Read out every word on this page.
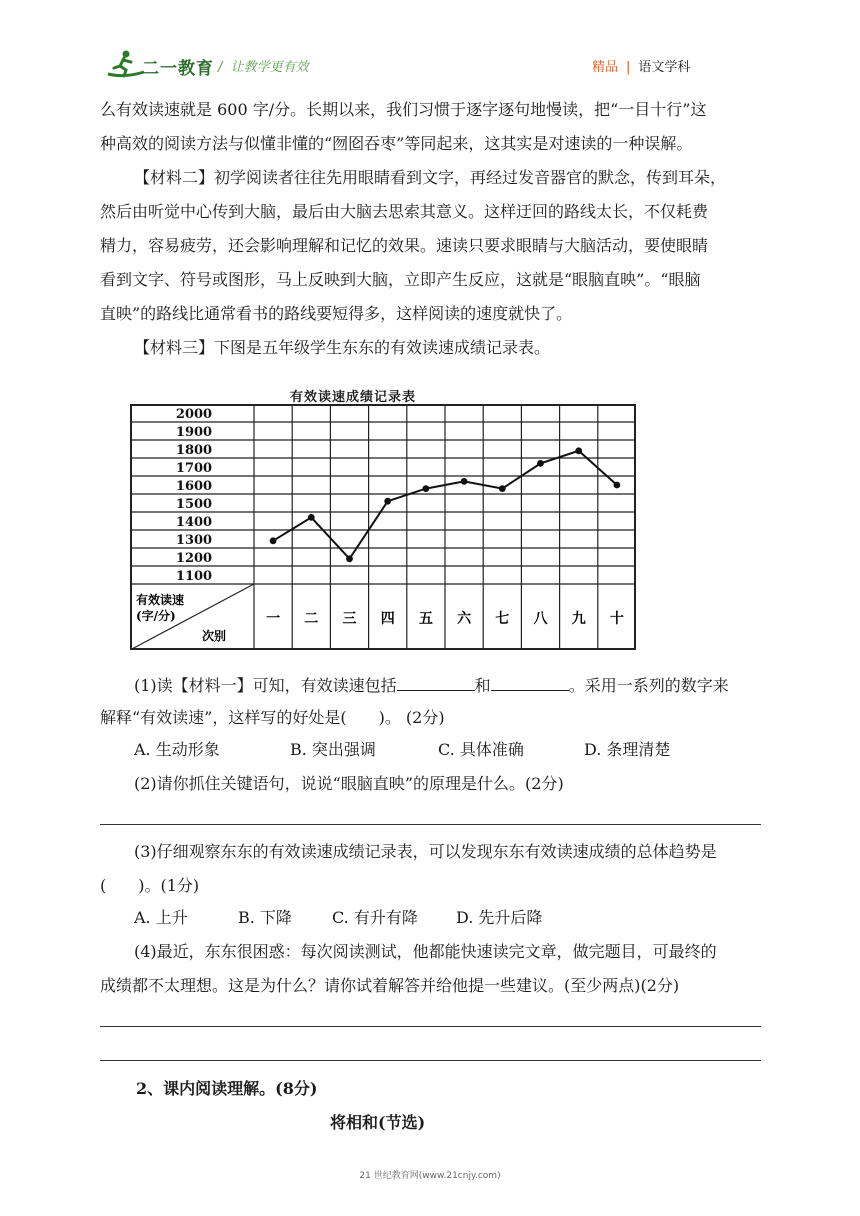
二一教育 /  让教学更有效	精品 | 语文学科
么有效读速就是 600 字/分。长期以来，我们习惯于逐字逐句地慢读，把“一目十行”这
种高效的阅读方法与似懂非懂的“囫囵吞枣”等同起来，这其实是对速读的一种误解。
【材料二】初学阅读者往往先用眼睛看到文字，再经过发音器官的默念，传到耳朵，
然后由听觉中心传到大脑，最后由大脑去思索其意义。这样迂回的路线太长，不仅耗费
精力，容易疲劳，还会影响理解和记忆的效果。速读只要求眼睛与大脑活动，要使眼睛
看到文字、符号或图形，马上反映到大脑，立即产生反应，这就是“眼脑直映”。“眼脑
直映”的路线比通常看书的路线要短得多，这样阅读的速度就快了。
【材料三】下图是五年级学生东东的有效读速成绩记录表。
有效读速成绩记录表
2000
1900
1800
1700
1600
1500
1400
1300
1200
1100
有效读速
(字/分)
次别
一 二 三 四 五 六 七 八 九 十
(1)读【材料一】可知，有效读速包括	和	。采用一系列的数字来
解释“有效读速”，这样写的好处是(　　)。 (2分)
A. 生动形象	B. 突出强调	C. 具体准确	D. 条理清楚
(2)请你抓住关键语句，说说“眼脑直映”的原理是什么。(2分)
(3)仔细观察东东的有效读速成绩记录表，可以发现东东有效读速成绩的总体趋势是
(　　)。(1分)
A. 上升	B. 下降	C. 有升有降 D. 先升后降
(4)最近，东东很困惑：每次阅读测试，他都能快速读完文章，做完题目，可最终的
成绩都不太理想。这是为什么？请你试着解答并给他提一些建议。(至少两点)(2分)
2、课内阅读理解。(8分)
将相和(节选)
21 世纪教育网(www.21cnjy.com)
